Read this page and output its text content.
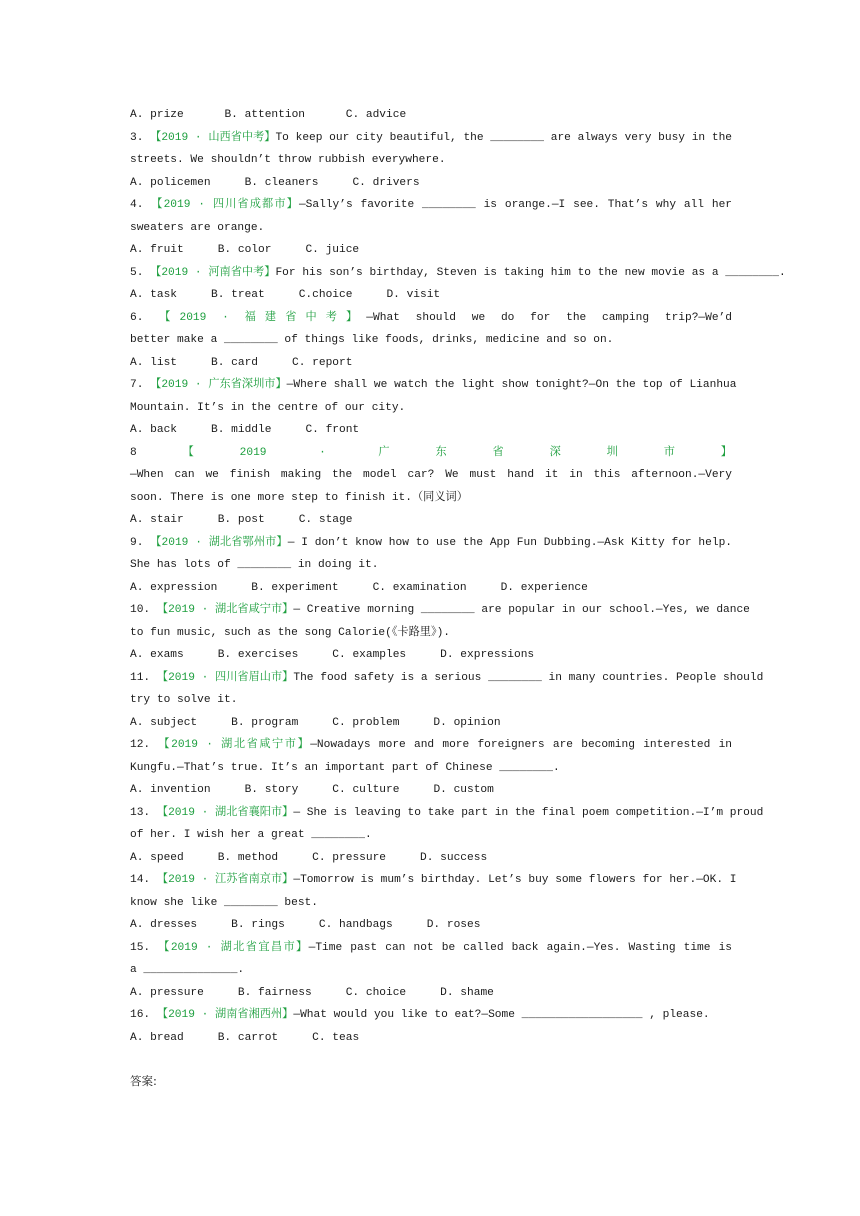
A. prize	B. attention	C. advice
3. 【2019 · 山西省中考】To keep our city beautiful, the ________ are always very busy in the
streets. We shouldn’t throw rubbish everywhere.
A. policemen	B. cleaners	C. drivers
4. 【2019 · 四川省成都市】—Sally’s favorite ________ is orange.—I see. That’s why all her
sweaters are orange.
A. fruit	B. color	C. juice
5. 【2019 · 河南省中考】For his son’s birthday, Steven is taking him to the new movie as a ________.
A. task	B. treat	C.choice	D. visit
6. 【2019 · 福建省中考】—What should we do for the camping trip?—We’d
better make a ________ of things like foods, drinks, medicine and so on.
A. list	B. card	C. report
7. 【2019 · 广东省深圳市】—Where shall we watch the light show tonight?—On the top of Lianhua
Mountain. It’s in the centre of our city.
A. back	B. middle	C. front
8【2019 · 广东省深圳市】
—When can we finish making the model car? We must hand it in this afternoon.—Very
soon. There is one more step to finish it.（同义词）
A. stair	B. post	C. stage
9. 【2019 · 湖北省鄂州市】— I don’t know how to use the App Fun Dubbing.—Ask Kitty for help.
She has lots of ________ in doing it.
A. expression	B. experiment	C. examination	D. experience
10. 【2019 · 湖北省咸宁市】— Creative morning ________ are popular in our school.—Yes, we dance
to fun music, such as the song Calorie(《卡路里》).
A. exams	B. exercises	C. examples	D. expressions
11. 【2019 · 四川省眉山市】The food safety is a serious ________ in many countries. People should
try to solve it.
A. subject	B. program	C. problem	D. opinion
12. 【2019 · 湖北省咸宁市】—Nowadays more and more foreigners are becoming interested in
Kungfu.—That’s true. It’s an important part of Chinese ________.
A. invention	B. story	C. culture	D. custom
13. 【2019 · 湖北省襄阳市】— She is leaving to take part in the final poem competition.—I’m proud
of her. I wish her a great ________.
A. speed	B. method	C. pressure	D. success
14. 【2019 · 江苏省南京市】—Tomorrow is mum’s birthday. Let’s buy some flowers for her.—OK. I
know she like ________ best.
A. dresses	B. rings	C. handbags	D. roses
15. 【2019 · 湖北省宜昌市】—Time past can not be called back again.—Yes. Wasting time is
a ______________.
A. pressure	B. fairness	C. choice	D. shame
16. 【2019 · 湖南省湘西州】—What would you like to eat?—Some __________________ , please.
A. bread	B. carrot	C. teas
答案:
